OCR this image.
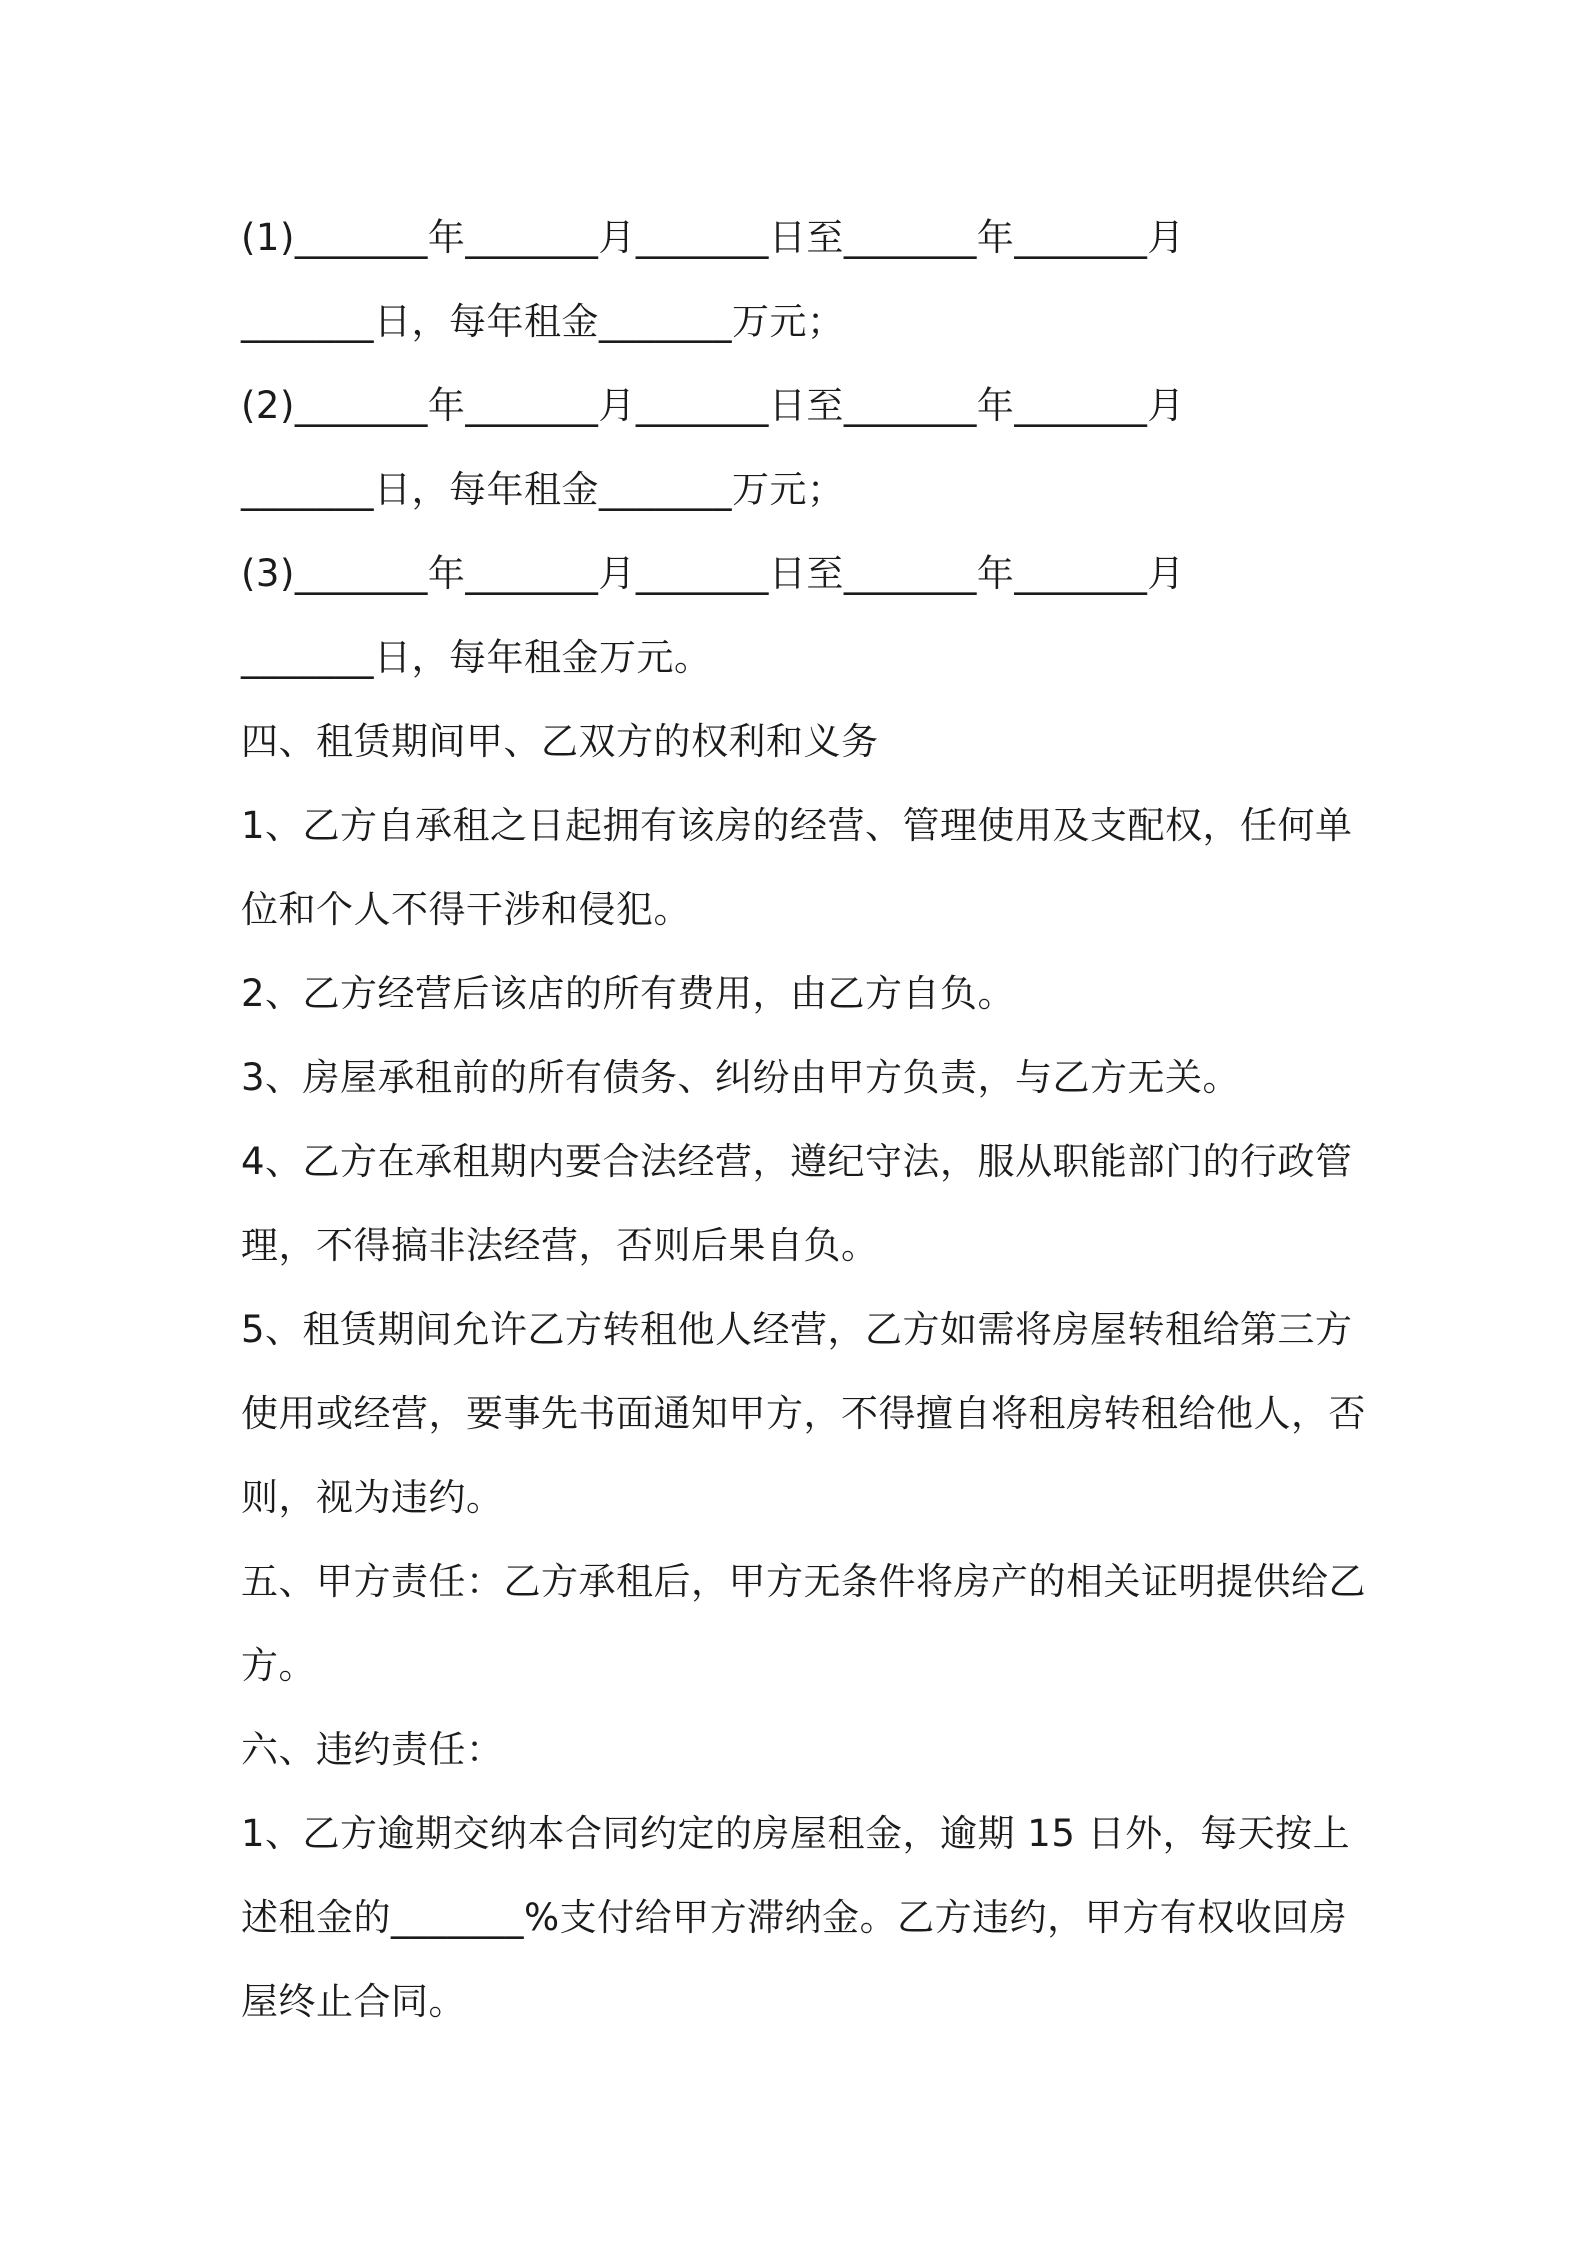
(1)_______年_______月_______日至_______年_______月
_______日，每年租金_______万元；
(2)_______年_______月_______日至_______年_______月
_______日，每年租金_______万元；
(3)_______年_______月_______日至_______年_______月
_______日，每年租金万元。
四、租赁期间甲、乙双方的权利和义务
1、乙方自承租之日起拥有该房的经营、管理使用及支配权，任何单
位和个人不得干涉和侵犯。
2、乙方经营后该店的所有费用，由乙方自负。
3、房屋承租前的所有债务、纠纷由甲方负责，与乙方无关。
4、乙方在承租期内要合法经营，遵纪守法，服从职能部门的行政管
理，不得搞非法经营，否则后果自负。
5、租赁期间允许乙方转租他人经营，乙方如需将房屋转租给第三方
使用或经营，要事先书面通知甲方，不得擅自将租房转租给他人，否
则，视为违约。
五、甲方责任：乙方承租后，甲方无条件将房产的相关证明提供给乙
方。
六、违约责任：
1、乙方逾期交纳本合同约定的房屋租金，逾期 15 日外，每天按上
述租金的_______%支付给甲方滞纳金。乙方违约，甲方有权收回房
屋终止合同。
